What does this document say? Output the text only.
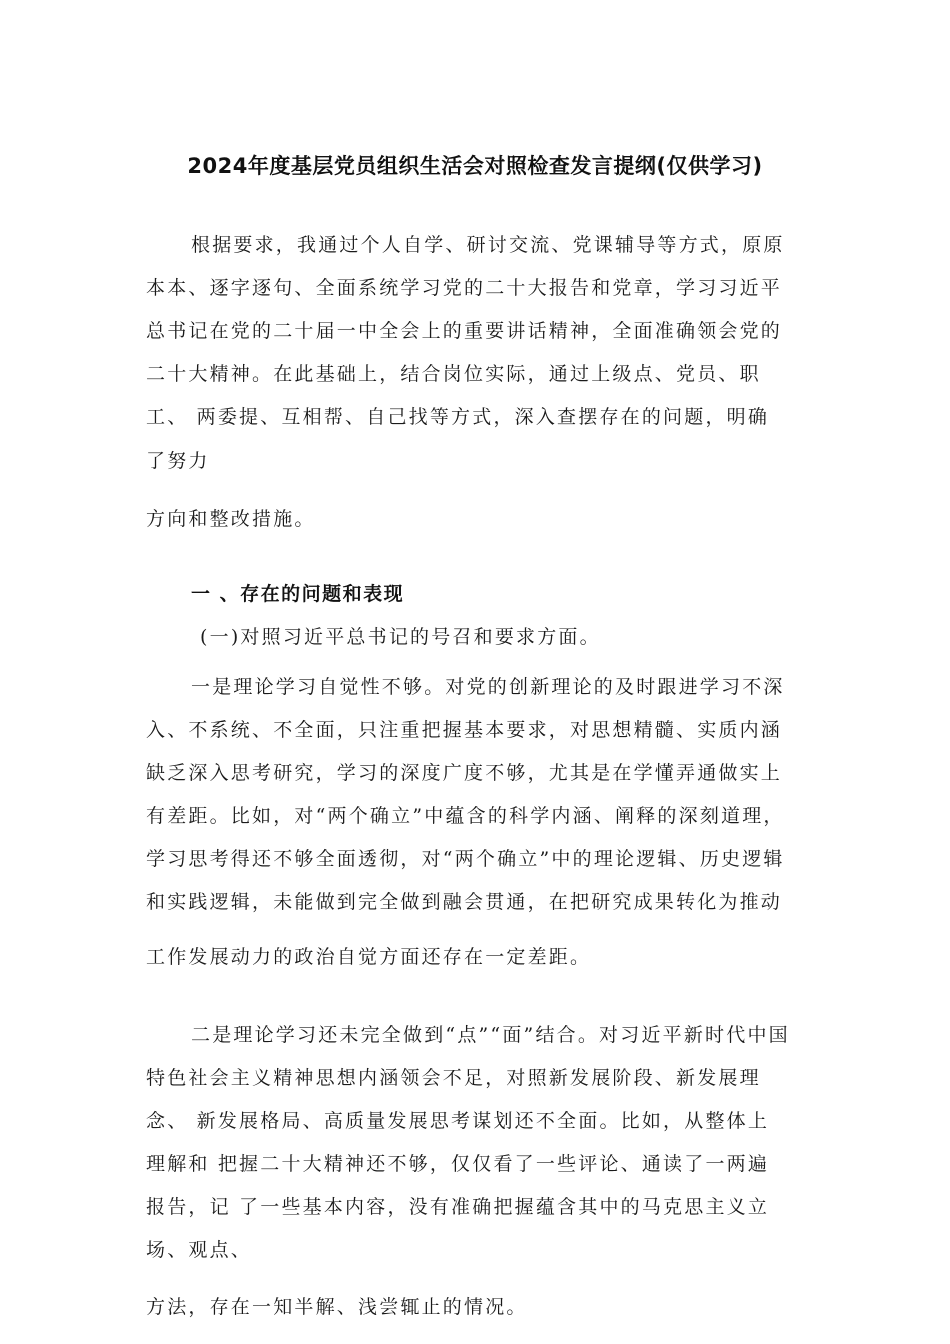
2024年度基层党员组织生活会对照检查发言提纲(仅供学习)
根据要求，我通过个人自学、研讨交流、党课辅导等方式，原原
本本、逐字逐句、全面系统学习党的二十大报告和党章，学习习近平
总书记在党的二十届一中全会上的重要讲话精神，全面准确领会党的
二十大精神。在此基础上，结合岗位实际，通过上级点、党员、职
工、 两委提、互相帮、自己找等方式，深入查摆存在的问题，明确
了努力
方向和整改措施。
一 、存在的问题和表现
(一)对照习近平总书记的号召和要求方面。
一是理论学习自觉性不够。对党的创新理论的及时跟进学习不深
入、不系统、不全面，只注重把握基本要求，对思想精髓、实质内涵
缺乏深入思考研究，学习的深度广度不够，尤其是在学懂弄通做实上
有差距。比如，对“两个确立”中蕴含的科学内涵、阐释的深刻道理，
学习思考得还不够全面透彻，对“两个确立”中的理论逻辑、历史逻辑
和实践逻辑，未能做到完全做到融会贯通，在把研究成果转化为推动
工作发展动力的政治自觉方面还存在一定差距。
二是理论学习还未完全做到“点”“面”结合。对习近平新时代中国
特色社会主义精神思想内涵领会不足，对照新发展阶段、新发展理
念、 新发展格局、高质量发展思考谋划还不全面。比如，从整体上
理解和 把握二十大精神还不够，仅仅看了一些评论、通读了一两遍
报告，记 了一些基本内容，没有准确把握蕴含其中的马克思主义立
场、观点、
方法，存在一知半解、浅尝辄止的情况。
